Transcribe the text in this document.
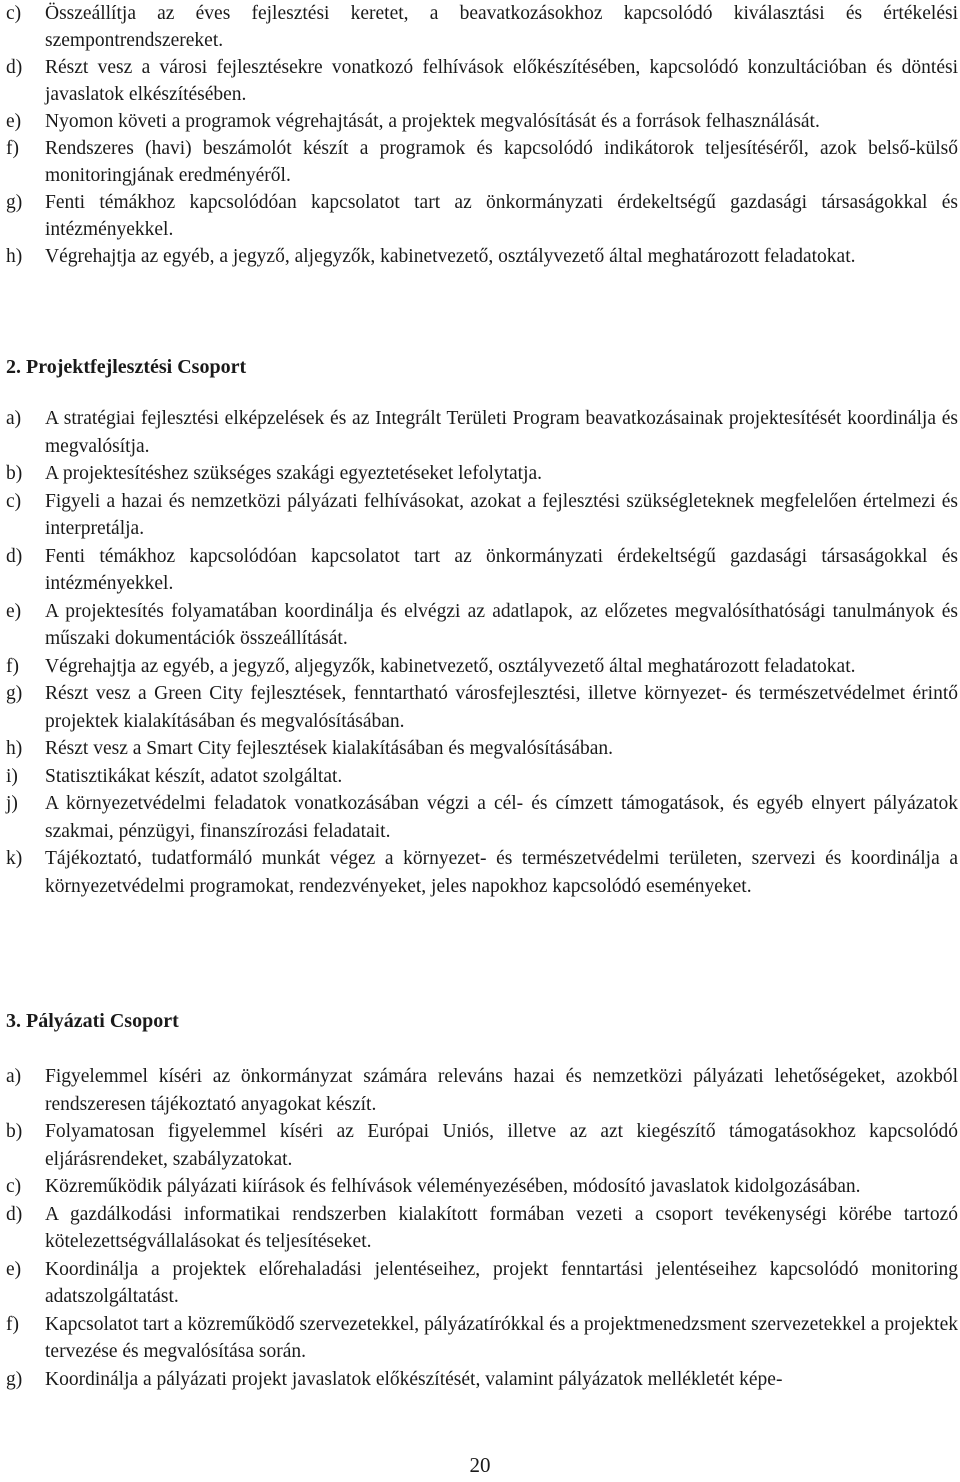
c) Összeállítja az éves fejlesztési keretet, a beavatkozásokhoz kapcsolódó kiválasztási és értékelési szempontrendszereket.
d) Részt vesz a városi fejlesztésekre vonatkozó felhívások előkészítésében, kapcsolódó konzultációban és döntési javaslatok elkészítésében.
e) Nyomon követi a programok végrehajtását, a projektek megvalósítását és a források felhasználását.
f) Rendszeres (havi) beszámolót készít a programok és kapcsolódó indikátorok teljesítéséről, azok belső-külső monitoringjának eredményéről.
g) Fenti témákhoz kapcsolódóan kapcsolatot tart az önkormányzati érdekeltségű gazdasági társaságokkal és intézményekkel.
h) Végrehajtja az egyéb, a jegyző, aljegyzők, kabinetvezető, osztályvezető által meghatározott feladatokat.
2. Projektfejlesztési Csoport
a) A stratégiai fejlesztési elképzelések és az Integrált Területi Program beavatkozásainak projektesítését koordinálja és megvalósítja.
b) A projektesítéshez szükséges szakági egyeztetéseket lefolytatja.
c) Figyeli a hazai és nemzetközi pályázati felhívásokat, azokat a fejlesztési szükségleteknek megfelelően értelmezi és interpretálja.
d) Fenti témákhoz kapcsolódóan kapcsolatot tart az önkormányzati érdekeltségű gazdasági társaságokkal és intézményekkel.
e) A projektesítés folyamatában koordinálja és elvégzi az adatlapok, az előzetes megvalósíthatósági tanulmányok és műszaki dokumentációk összeállítását.
f) Végrehajtja az egyéb, a jegyző, aljegyzők, kabinetvezető, osztályvezető által meghatározott feladatokat.
g) Részt vesz a Green City fejlesztések, fenntartható városfejlesztési, illetve környezet- és természetvédelmet érintő projektek kialakításában és megvalósításában.
h) Részt vesz a Smart City fejlesztések kialakításában és megvalósításában.
i) Statisztikákat készít, adatot szolgáltat.
j) A környezetvédelmi feladatok vonatkozásában végzi a cél- és címzett támogatások, és egyéb elnyert pályázatok szakmai, pénzügyi, finanszírozási feladatait.
k) Tájékoztató, tudatformáló munkát végez a környezet- és természetvédelmi területen, szervezi és koordinálja a környezetvédelmi programokat, rendezvényeket, jeles napokhoz kapcsolódó eseményeket.
3. Pályázati Csoport
a) Figyelemmel kíséri az önkormányzat számára releváns hazai és nemzetközi pályázati lehetőségeket, azokból rendszeresen tájékoztató anyagokat készít.
b) Folyamatosan figyelemmel kíséri az Európai Uniós, illetve az azt kiegészítő támogatásokhoz kapcsolódó eljárásrendeket, szabályzatokat.
c) Közreműködik pályázati kiírások és felhívások véleményezésében, módosító javaslatok kidolgozásában.
d) A gazdálkodási informatikai rendszerben kialakított formában vezeti a csoport tevékenységi körébe tartozó kötelezettségvállalásokat és teljesítéseket.
e) Koordinálja a projektek előrehaladási jelentéseihez, projekt fenntartási jelentéseihez kapcsolódó monitoring adatszolgáltatást.
f) Kapcsolatot tart a közreműködő szervezetekkel, pályázatírókkal és a projektmenedzsment szervezetekkel a projektek tervezése és megvalósítása során.
g) Koordinálja a pályázati projekt javaslatok előkészítését, valamint pályázatok mellékletét képe-
20
